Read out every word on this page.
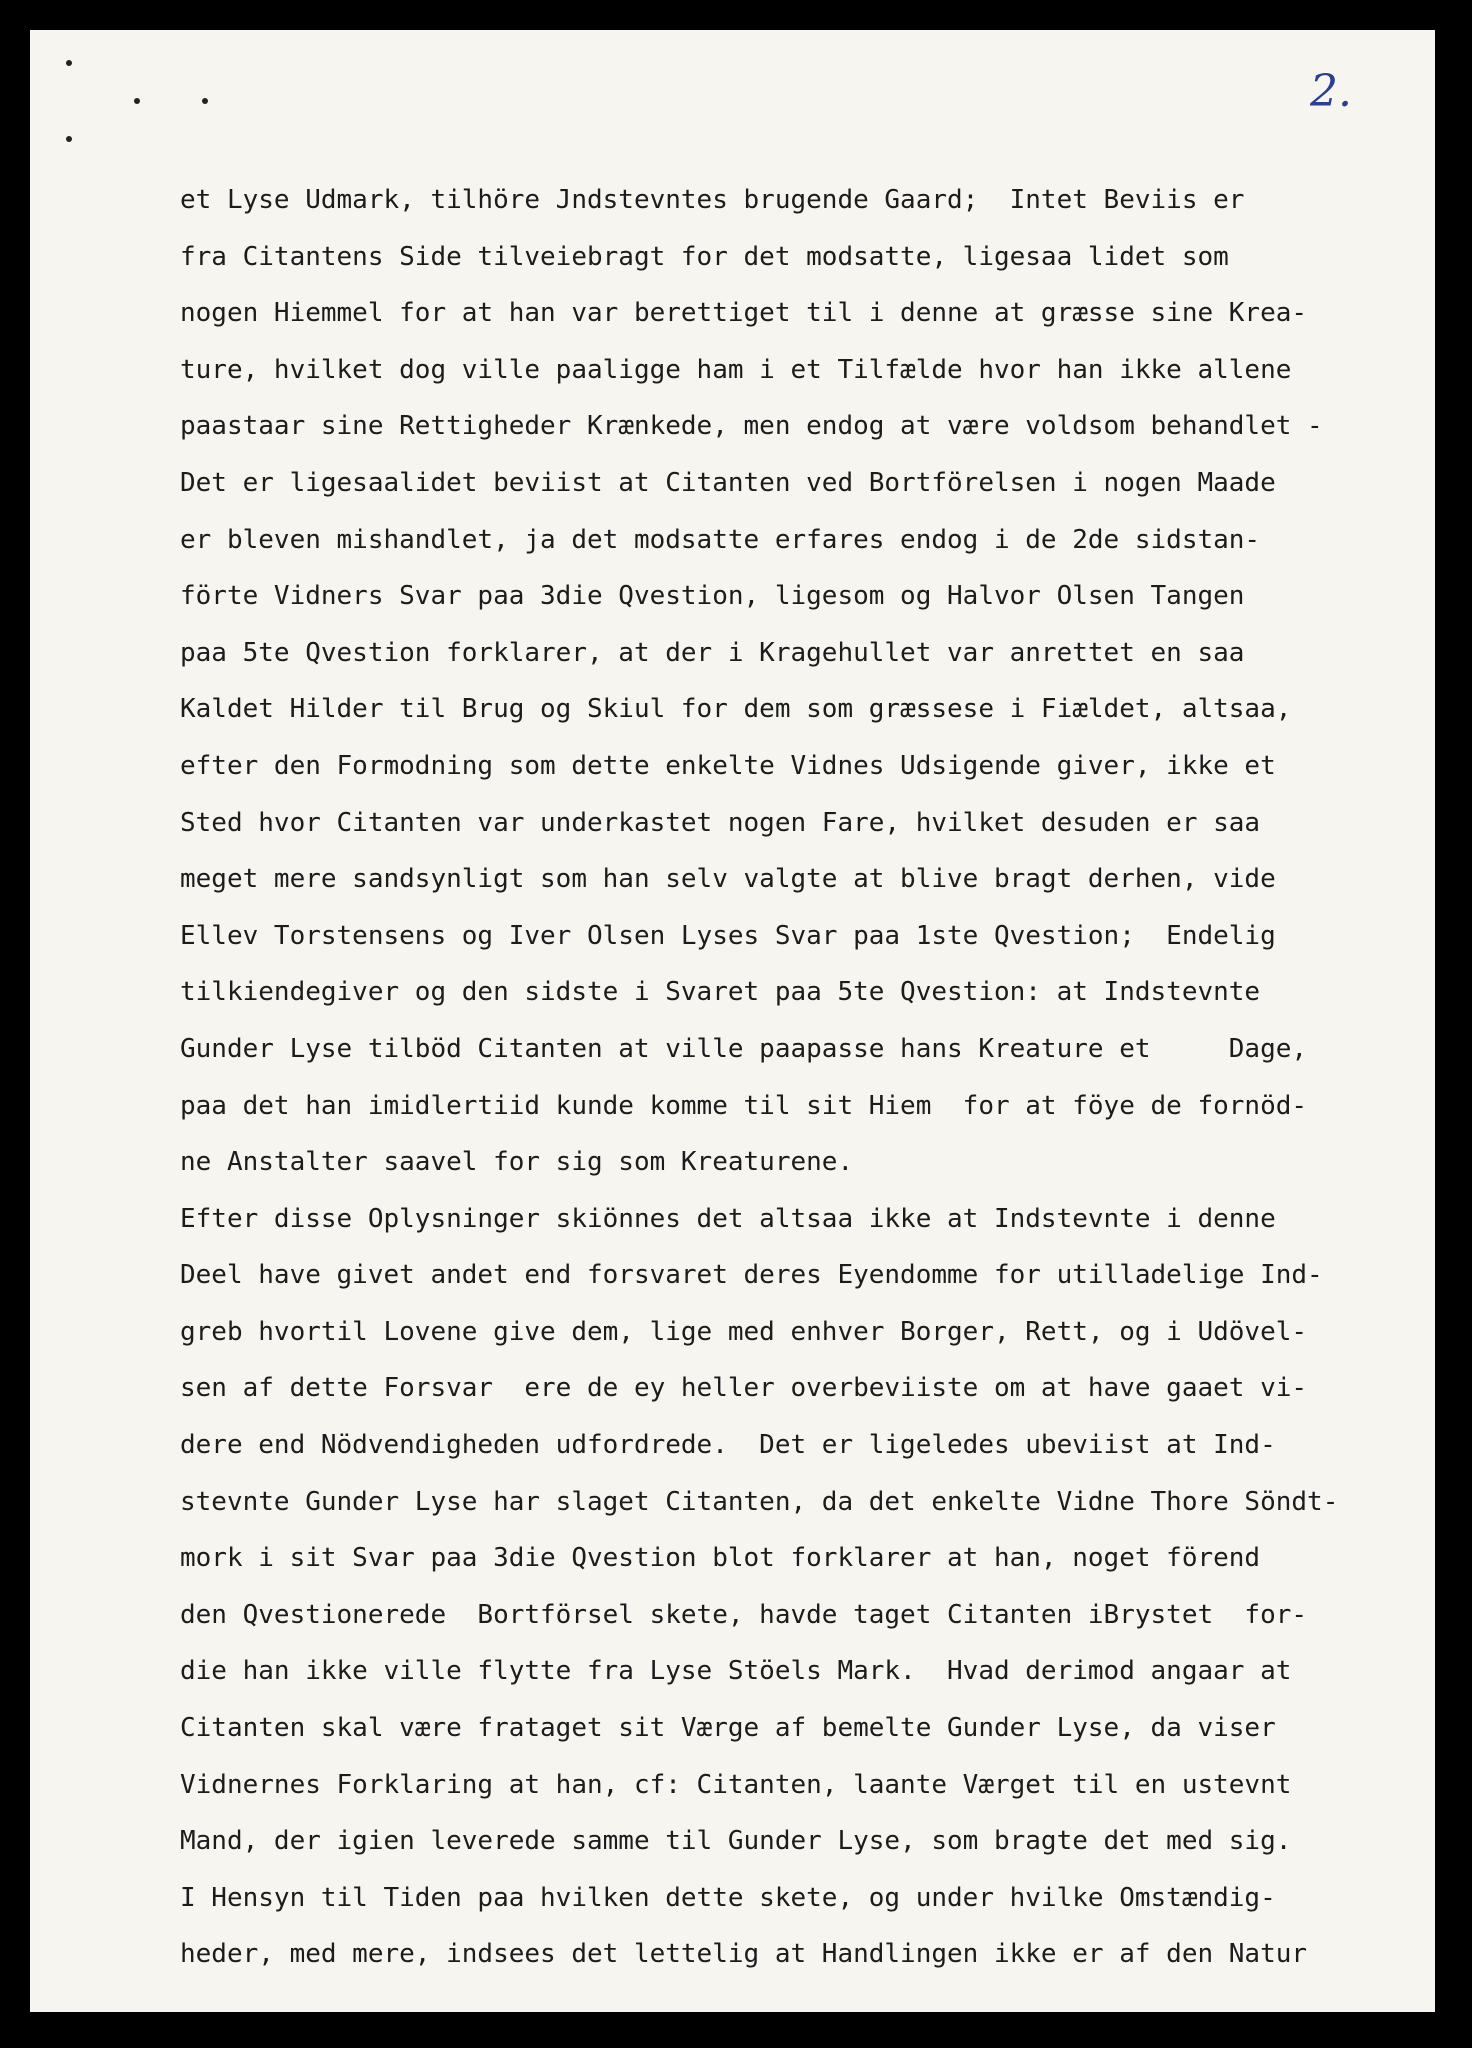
2.
et Lyse Udmark, tilhöre Jndstevntes brugende Gaard;  Intet Beviis er
fra Citantens Side tilveiebragt for det modsatte, ligesaa lidet som
nogen Hiemmel for at han var berettiget til i denne at græsse sine Krea-
ture, hvilket dog ville paaligge ham i et Tilfælde hvor han ikke allene
paastaar sine Rettigheder Krænkede, men endog at være voldsom behandlet -
Det er ligesaalidet beviist at Citanten ved Bortförelsen i nogen Maade
er bleven mishandlet, ja det modsatte erfares endog i de 2de sidstan-
förte Vidners Svar paa 3die Qvestion, ligesom og Halvor Olsen Tangen
paa 5te Qvestion forklarer, at der i Kragehullet var anrettet en saa
Kaldet Hilder til Brug og Skiul for dem som græssese i Fiældet, altsaa,
efter den Formodning som dette enkelte Vidnes Udsigende giver, ikke et
Sted hvor Citanten var underkastet nogen Fare, hvilket desuden er saa
meget mere sandsynligt som han selv valgte at blive bragt derhen, vide
Ellev Torstensens og Iver Olsen Lyses Svar paa 1ste Qvestion;  Endelig
tilkiendegiver og den sidste i Svaret paa 5te Qvestion: at Indstevnte
Gunder Lyse tilböd Citanten at ville paapasse hans Kreature et     Dage,
paa det han imidlertiid kunde komme til sit Hiem  for at föye de fornöd-
ne Anstalter saavel for sig som Kreaturene.
Efter disse Oplysninger skiönnes det altsaa ikke at Indstevnte i denne
Deel have givet andet end forsvaret deres Eyendomme for utilladelige Ind-
greb hvortil Lovene give dem, lige med enhver Borger, Rett, og i Udövel-
sen af dette Forsvar  ere de ey heller overbeviiste om at have gaaet vi-
dere end Nödvendigheden udfordrede.  Det er ligeledes ubeviist at Ind-
stevnte Gunder Lyse har slaget Citanten, da det enkelte Vidne Thore Söndt-
mork i sit Svar paa 3die Qvestion blot forklarer at han, noget förend
den Qvestionerede  Bortförsel skete, havde taget Citanten iBrystet  for-
die han ikke ville flytte fra Lyse Stöels Mark.  Hvad derimod angaar at
Citanten skal være frataget sit Værge af bemelte Gunder Lyse, da viser
Vidnernes Forklaring at han, cf: Citanten, laante Værget til en ustevnt
Mand, der igien leverede samme til Gunder Lyse, som bragte det med sig.
I Hensyn til Tiden paa hvilken dette skete, og under hvilke Omstændig-
heder, med mere, indsees det lettelig at Handlingen ikke er af den Natur
